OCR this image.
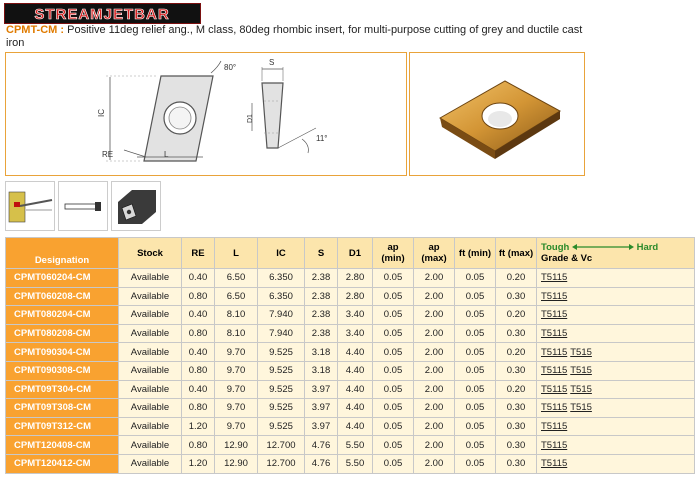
STREAMJETBAR
CPMT-CM : Positive 11deg relief ang., M class, 80deg rhombic insert, for multi-purpose cutting of grey and ductile cast iron
IC
80°
RE	L
S
D1
11°
Designation	Stock	RE	L	IC	S	D1	ap (min)	ap (max)	ft (min)	ft (max)	Tough Hard
Grade & Vc

CPMT060204-CM	Available	0.40	6.50	6.350	2.38	2.80	0.05	2.00	0.05	0.20	T5115
CPMT060208-CM	Available	0.80	6.50	6.350	2.38	2.80	0.05	2.00	0.05	0.30	T5115
CPMT080204-CM	Available	0.40	8.10	7.940	2.38	3.40	0.05	2.00	0.05	0.20	T5115
CPMT080208-CM	Available	0.80	8.10	7.940	2.38	3.40	0.05	2.00	0.05	0.30	T5115
CPMT090304-CM	Available	0.40	9.70	9.525	3.18	4.40	0.05	2.00	0.05	0.20	T5115 T515
CPMT090308-CM	Available	0.80	9.70	9.525	3.18	4.40	0.05	2.00	0.05	0.30	T5115 T515
CPMT09T304-CM	Available	0.40	9.70	9.525	3.97	4.40	0.05	2.00	0.05	0.20	T5115 T515
CPMT09T308-CM	Available	0.80	9.70	9.525	3.97	4.40	0.05	2.00	0.05	0.30	T5115 T515
CPMT09T312-CM	Available	1.20	9.70	9.525	3.97	4.40	0.05	2.00	0.05	0.30	T5115
CPMT120408-CM	Available	0.80	12.90	12.700	4.76	5.50	0.05	2.00	0.05	0.30	T5115
CPMT120412-CM	Available	1.20	12.90	12.700	4.76	5.50	0.05	2.00	0.05	0.30	T5115
